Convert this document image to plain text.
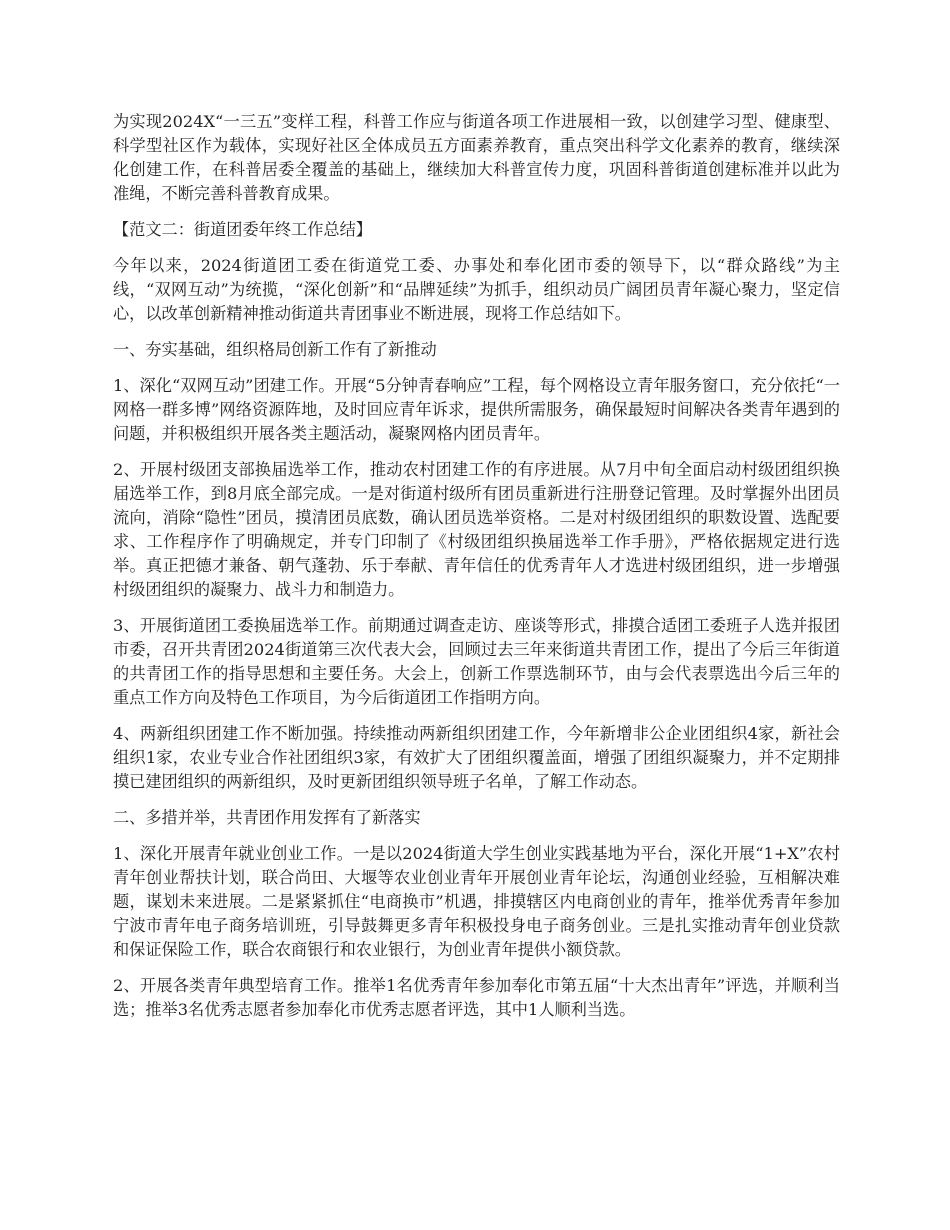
为实现2024X“一三五”变样工程，科普工作应与街道各项工作进展相一致，以创建学习型、健康型、科学型社区作为载体，实现好社区全体成员五方面素养教育，重点突出科学文化素养的教育，继续深化创建工作，在科普居委全覆盖的基础上，继续加大科普宣传力度，巩固科普街道创建标准并以此为准绳，不断完善科普教育成果。

【范文二：街道团委年终工作总结】

今年以来，2024街道团工委在街道党工委、办事处和奉化团市委的领导下，以“群众路线”为主线，“双网互动”为统揽，“深化创新”和“品牌延续”为抓手，组织动员广阔团员青年凝心聚力，坚定信心，以改革创新精神推动街道共青团事业不断进展，现将工作总结如下。

一、夯实基础，组织格局创新工作有了新推动

1、深化“双网互动”团建工作。开展“5分钟青春响应”工程，每个网格设立青年服务窗口，充分依托“一网格一群多博”网络资源阵地，及时回应青年诉求，提供所需服务，确保最短时间解决各类青年遇到的问题，并积极组织开展各类主题活动，凝聚网格内团员青年。

2、开展村级团支部换届选举工作，推动农村团建工作的有序进展。从7月中旬全面启动村级团组织换届选举工作，到8月底全部完成。一是对街道村级所有团员重新进行注册登记管理。及时掌握外出团员流向，消除“隐性”团员，摸清团员底数，确认团员选举资格。二是对村级团组织的职数设置、选配要求、工作程序作了明确规定，并专门印制了《村级团组织换届选举工作手册》，严格依据规定进行选举。真正把德才兼备、朝气蓬勃、乐于奉献、青年信任的优秀青年人才选进村级团组织，进一步增强村级团组织的凝聚力、战斗力和制造力。

3、开展街道团工委换届选举工作。前期通过调查走访、座谈等形式，排摸合适团工委班子人选并报团市委，召开共青团2024街道第三次代表大会，回顾过去三年来街道共青团工作，提出了今后三年街道的共青团工作的指导思想和主要任务。大会上，创新工作票选制环节，由与会代表票选出今后三年的重点工作方向及特色工作项目，为今后街道团工作指明方向。

4、两新组织团建工作不断加强。持续推动两新组织团建工作，今年新增非公企业团组织4家，新社会组织1家，农业专业合作社团组织3家，有效扩大了团组织覆盖面，增强了团组织凝聚力，并不定期排摸已建团组织的两新组织，及时更新团组织领导班子名单，了解工作动态。

二、多措并举，共青团作用发挥有了新落实

1、深化开展青年就业创业工作。一是以2024街道大学生创业实践基地为平台，深化开展“1+X”农村青年创业帮扶计划，联合尚田、大堰等农业创业青年开展创业青年论坛，沟通创业经验，互相解决难题，谋划未来进展。二是紧紧抓住“电商换市”机遇，排摸辖区内电商创业的青年，推举优秀青年参加宁波市青年电子商务培训班，引导鼓舞更多青年积极投身电子商务创业。三是扎实推动青年创业贷款和保证保险工作，联合农商银行和农业银行，为创业青年提供小额贷款。

2、开展各类青年典型培育工作。推举1名优秀青年参加奉化市第五届“十大杰出青年”评选，并顺利当选；推举3名优秀志愿者参加奉化市优秀志愿者评选，其中1人顺利当选。
